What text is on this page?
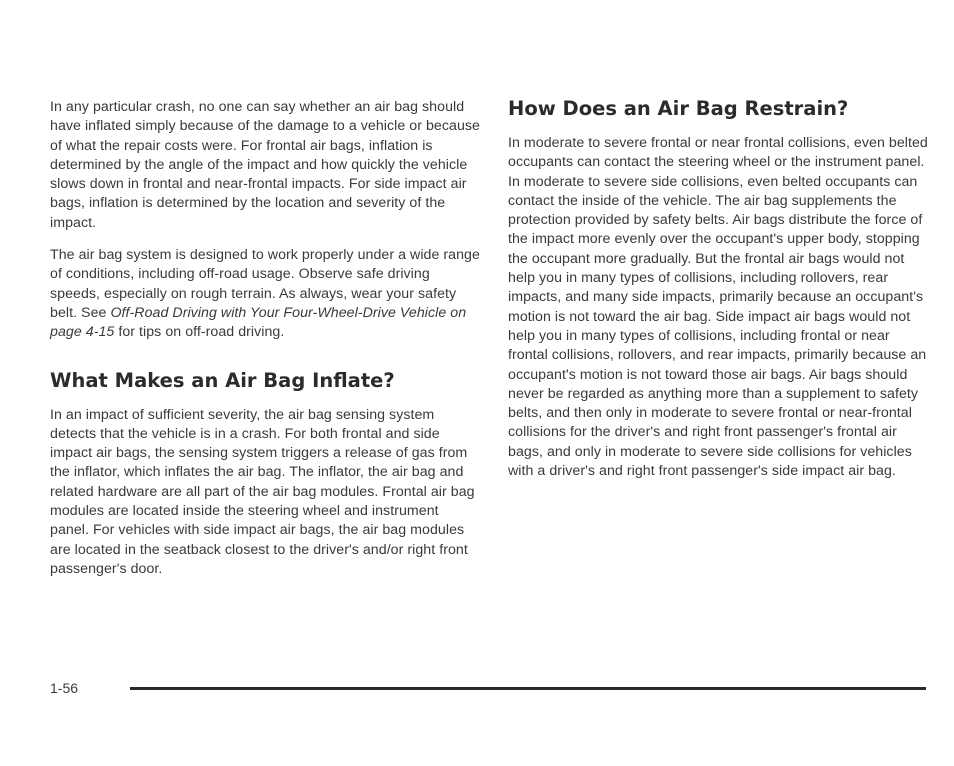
In any particular crash, no one can say whether an air bag should have inflated simply because of the damage to a vehicle or because of what the repair costs were. For frontal air bags, inflation is determined by the angle of the impact and how quickly the vehicle slows down in frontal and near-frontal impacts. For side impact air bags, inflation is determined by the location and severity of the impact.

The air bag system is designed to work properly under a wide range of conditions, including off-road usage. Observe safe driving speeds, especially on rough terrain. As always, wear your safety belt. See Off-Road Driving with Your Four-Wheel-Drive Vehicle on page 4-15 for tips on off-road driving.

What Makes an Air Bag Inflate?

In an impact of sufficient severity, the air bag sensing system detects that the vehicle is in a crash. For both frontal and side impact air bags, the sensing system triggers a release of gas from the inflator, which inflates the air bag. The inflator, the air bag and related hardware are all part of the air bag modules. Frontal air bag modules are located inside the steering wheel and instrument panel. For vehicles with side impact air bags, the air bag modules are located in the seatback closest to the driver's and/or right front passenger's door.

How Does an Air Bag Restrain?

In moderate to severe frontal or near frontal collisions, even belted occupants can contact the steering wheel or the instrument panel. In moderate to severe side collisions, even belted occupants can contact the inside of the vehicle. The air bag supplements the protection provided by safety belts. Air bags distribute the force of the impact more evenly over the occupant's upper body, stopping the occupant more gradually. But the frontal air bags would not help you in many types of collisions, including rollovers, rear impacts, and many side impacts, primarily because an occupant's motion is not toward the air bag. Side impact air bags would not help you in many types of collisions, including frontal or near frontal collisions, rollovers, and rear impacts, primarily because an occupant's motion is not toward those air bags. Air bags should never be regarded as anything more than a supplement to safety belts, and then only in moderate to severe frontal or near-frontal collisions for the driver's and right front passenger's frontal air bags, and only in moderate to severe side collisions for vehicles with a driver's and right front passenger's side impact air bag.

1-56
